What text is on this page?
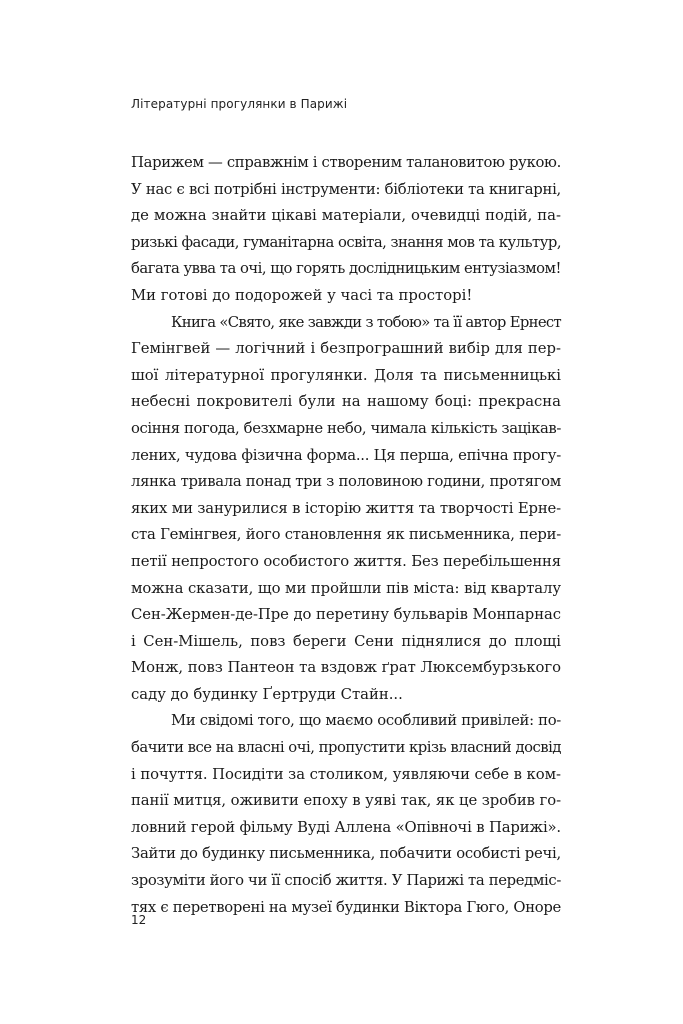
Літературні прогулянки в Парижі
Парижем — справжнім і створеним талановитою рукою.
У нас є всі потрібні інструменти: бібліотеки та книгарні,
де можна знайти цікаві матеріали, очевидці подій, па-
ризькі фасади, гуманітарна освіта, знання мов та культур,
багата увва та очі, що горять дослідницьким ентузіазмом!
Ми готові до подорожей у часі та просторі!
Книга «Свято, яке завжди з тобою» та її автор Ернест
Гемінгвей — логічний і безпрограшний вибір для пер-
шої літературної прогулянки. Доля та письменницькі
небесні покровителі були на нашому боці: прекрасна
осіння погода, безхмарне небо, чимала кількість зацікав-
лених, чудова фізична форма... Ця перша, епічна прогу-
лянка тривала понад три з половиною години, протягом
яких ми занурилися в історію життя та творчості Ерне-
ста Гемінгвея, його становлення як письменника, пери-
петії непростого особистого життя. Без перебільшення
можна сказати, що ми пройшли пів міста: від кварталу
Сен-Жермен-де-Пре до перетину бульварів Монпарнас
і Сен-Мішель, повз береги Сени піднялися до площі
Монж, повз Пантеон та вздовж ґрат Люксембурзького
саду до будинку Ґертруди Стайн...
Ми свідомі того, що маємо особливий привілей: по-
бачити все на власні очі, пропустити крізь власний досвід
і почуття. Посидіти за столиком, уявляючи себе в ком-
панії митця, оживити епоху в уяві так, як це зробив го-
ловний герой фільму Вуді Аллена «Опівночі в Парижі».
Зайти до будинку письменника, побачити особисті речі,
зрозуміти його чи її спосіб життя. У Парижі та передміс-
тях є перетворені на музеї будинки Віктора Гюго, Оноре
12
